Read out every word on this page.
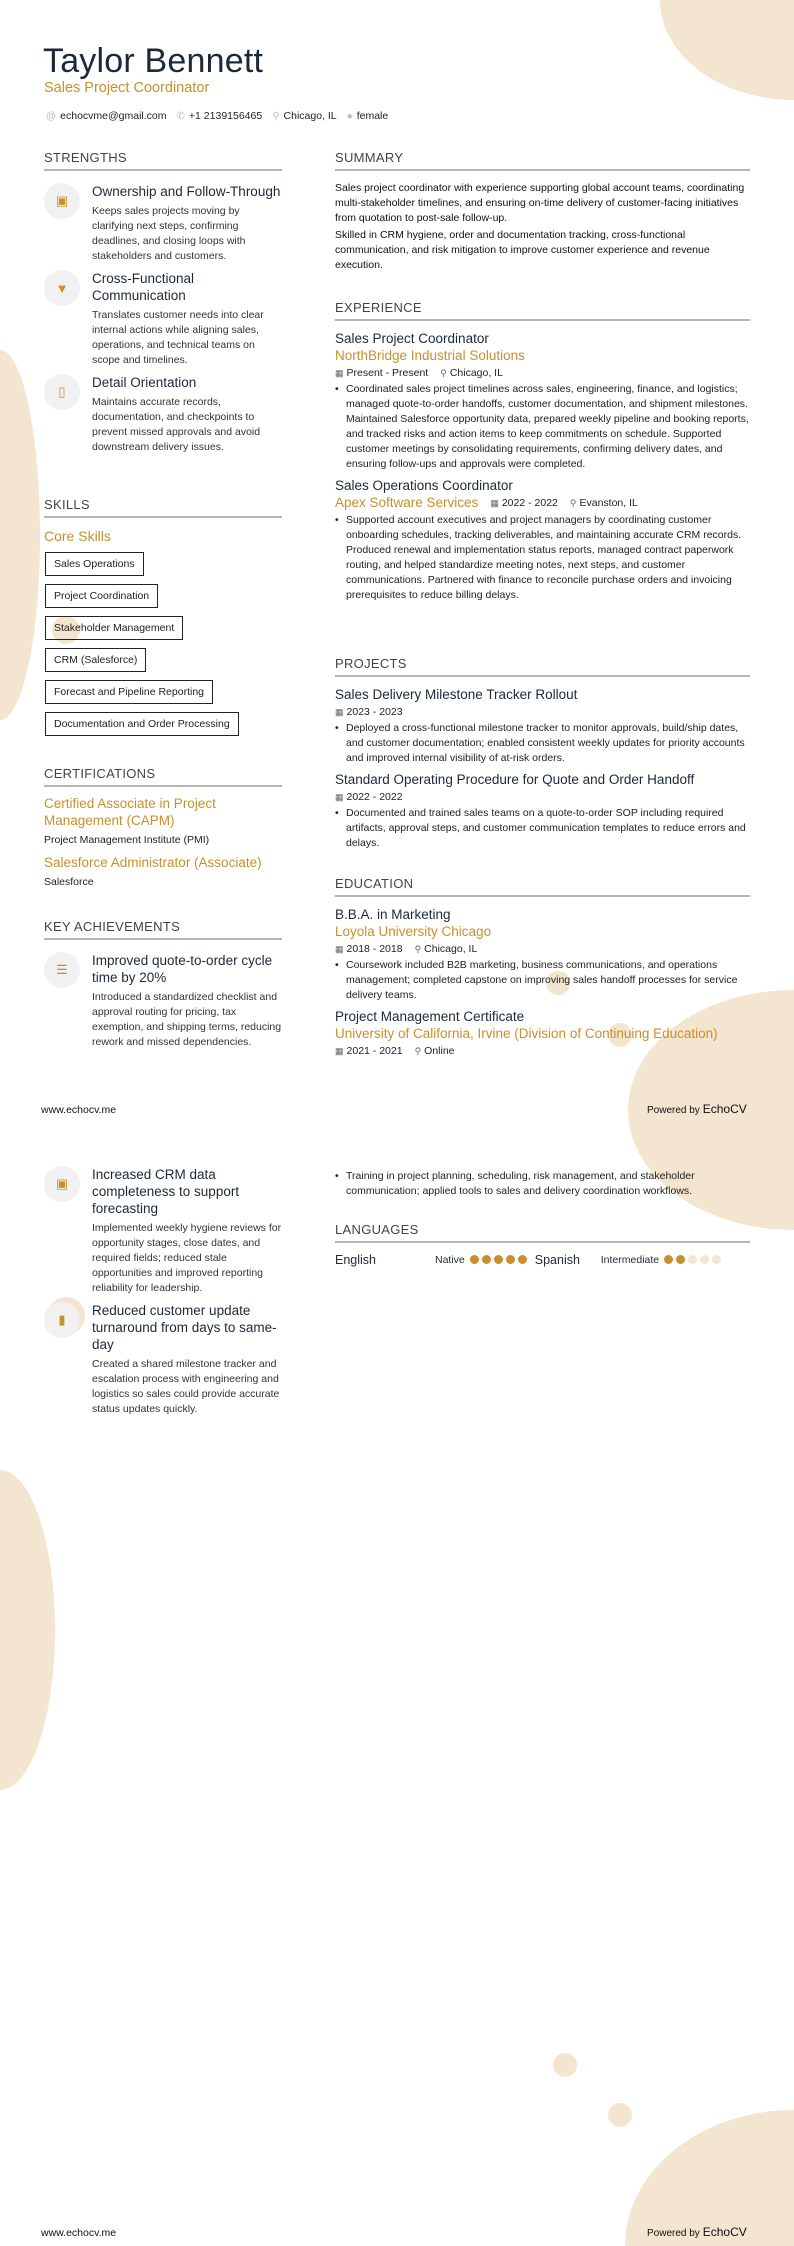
Taylor Bennett
Sales Project Coordinator
@ echocvme@gmail.com ✆ +1 2139156465 ⚲ Chicago, IL ● female
STRENGTHS
▣
Ownership and Follow-Through
Keeps sales projects moving by clarifying next steps, confirming deadlines, and closing loops with stakeholders and customers.
▼
Cross-Functional Communication
Translates customer needs into clear internal actions while aligning sales, operations, and technical teams on scope and timelines.
▯
Detail Orientation
Maintains accurate records, documentation, and checkpoints to prevent missed approvals and avoid downstream delivery issues.
SKILLS
Core Skills
Sales Operations
Project Coordination
Stakeholder Management
CRM (Salesforce)
Forecast and Pipeline Reporting
Documentation and Order Processing
CERTIFICATIONS
Certified Associate in Project Management (CAPM)
Project Management Institute (PMI)
Salesforce Administrator (Associate)
Salesforce
KEY ACHIEVEMENTS
☰
Improved quote-to-order cycle time by 20%
Introduced a standardized checklist and approval routing for pricing, tax exemption, and shipping terms, reducing rework and missed dependencies.
▣
Increased CRM data completeness to support forecasting
Implemented weekly hygiene reviews for opportunity stages, close dates, and required fields; reduced stale opportunities and improved reporting reliability for leadership.
▮
Reduced customer update turnaround from days to same-day
Created a shared milestone tracker and escalation process with engineering and logistics so sales could provide accurate status updates quickly.
SUMMARY
Sales project coordinator with experience supporting global account teams, coordinating multi-stakeholder timelines, and ensuring on-time delivery of customer-facing initiatives from quotation to post-sale follow-up.
Skilled in CRM hygiene, order and documentation tracking, cross-functional communication, and risk mitigation to improve customer experience and revenue execution.
EXPERIENCE
Sales Project Coordinator
NorthBridge Industrial Solutions
▦ Present - Present ⚲ Chicago, IL
• Coordinated sales project timelines across sales, engineering, finance, and logistics; managed quote-to-order handoffs, customer documentation, and shipment milestones. Maintained Salesforce opportunity data, prepared weekly pipeline and booking reports, and tracked risks and action items to keep commitments on schedule. Supported customer meetings by consolidating requirements, confirming delivery dates, and ensuring follow-ups and approvals were completed.
Sales Operations Coordinator
Apex Software Services ▦ 2022 - 2022 ⚲ Evanston, IL
• Supported account executives and project managers by coordinating customer onboarding schedules, tracking deliverables, and maintaining accurate CRM records. Produced renewal and implementation status reports, managed contract paperwork routing, and helped standardize meeting notes, next steps, and customer communications. Partnered with finance to reconcile purchase orders and invoicing prerequisites to reduce billing delays.
PROJECTS
Sales Delivery Milestone Tracker Rollout
▦ 2023 - 2023
• Deployed a cross-functional milestone tracker to monitor approvals, build/ship dates, and customer documentation; enabled consistent weekly updates for priority accounts and improved internal visibility of at-risk orders.
Standard Operating Procedure for Quote and Order Handoff
▦ 2022 - 2022
• Documented and trained sales teams on a quote-to-order SOP including required artifacts, approval steps, and customer communication templates to reduce errors and delays.
EDUCATION
B.B.A. in Marketing
Loyola University Chicago
▦ 2018 - 2018 ⚲ Chicago, IL
• Coursework included B2B marketing, business communications, and operations management; completed capstone on improving sales handoff processes for service delivery teams.
Project Management Certificate
University of California, Irvine (Division of Continuing Education)
▦ 2021 - 2021 ⚲ Online
• Training in project planning, scheduling, risk management, and stakeholder communication; applied tools to sales and delivery coordination workflows.
LANGUAGES
English	Native	Spanish	Intermediate
www.echocv.me	Powered by EchoCV
www.echocv.me	Powered by EchoCV
